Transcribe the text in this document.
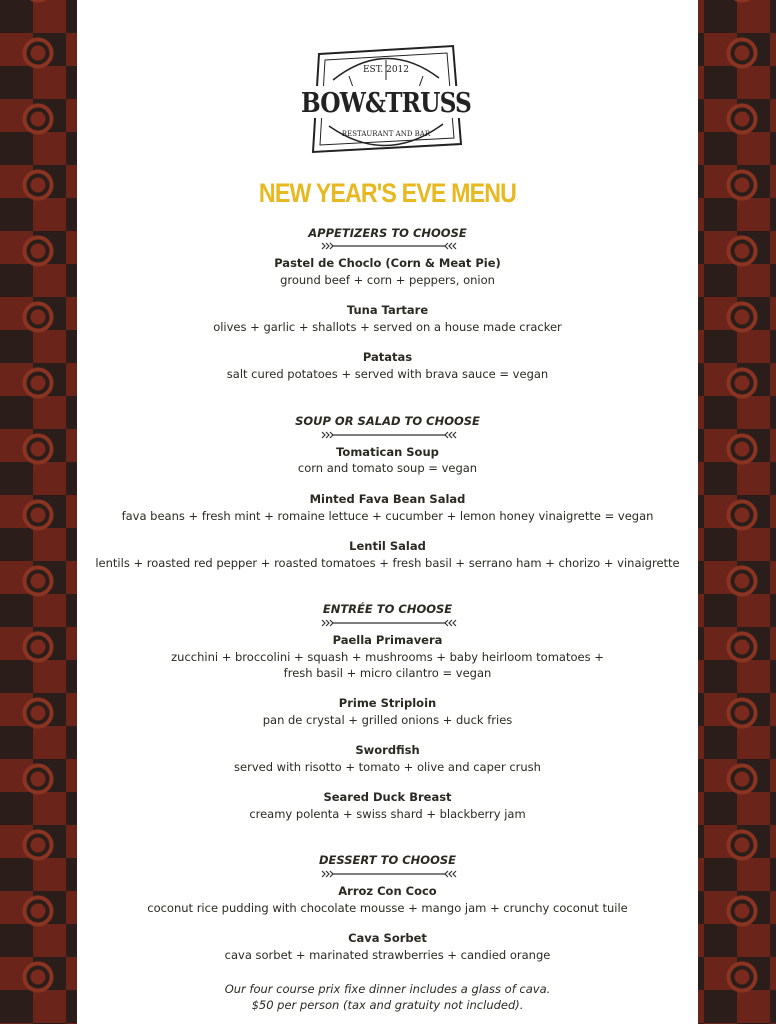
EST. 2012
BOW&TRUSS
RESTAURANT AND BAR
NEW YEAR'S EVE MENU
APPETIZERS TO CHOOSE
Pastel de Choclo (Corn & Meat Pie)
ground beef + corn + peppers, onion
Tuna Tartare
olives + garlic + shallots + served on a house made cracker
Patatas
salt cured potatoes + served with brava sauce = vegan
SOUP OR SALAD TO CHOOSE
Tomatican Soup
corn and tomato soup = vegan
Minted Fava Bean Salad
fava beans + fresh mint + romaine lettuce + cucumber + lemon honey vinaigrette = vegan
Lentil Salad
lentils + roasted red pepper + roasted tomatoes + fresh basil + serrano ham + chorizo + vinaigrette
ENTRÉE TO CHOOSE
Paella Primavera
zucchini + broccolini + squash + mushrooms + baby heirloom tomatoes +
fresh basil + micro cilantro = vegan
Prime Striploin
pan de crystal + grilled onions + duck fries
Swordfish
served with risotto + tomato + olive and caper crush
Seared Duck Breast
creamy polenta + swiss shard + blackberry jam
DESSERT TO CHOOSE
Arroz Con Coco
coconut rice pudding with chocolate mousse + mango jam + crunchy coconut tuile
Cava Sorbet
cava sorbet + marinated strawberries + candied orange
Our four course prix fixe dinner includes a glass of cava.
$50 per person (tax and gratuity not included).
